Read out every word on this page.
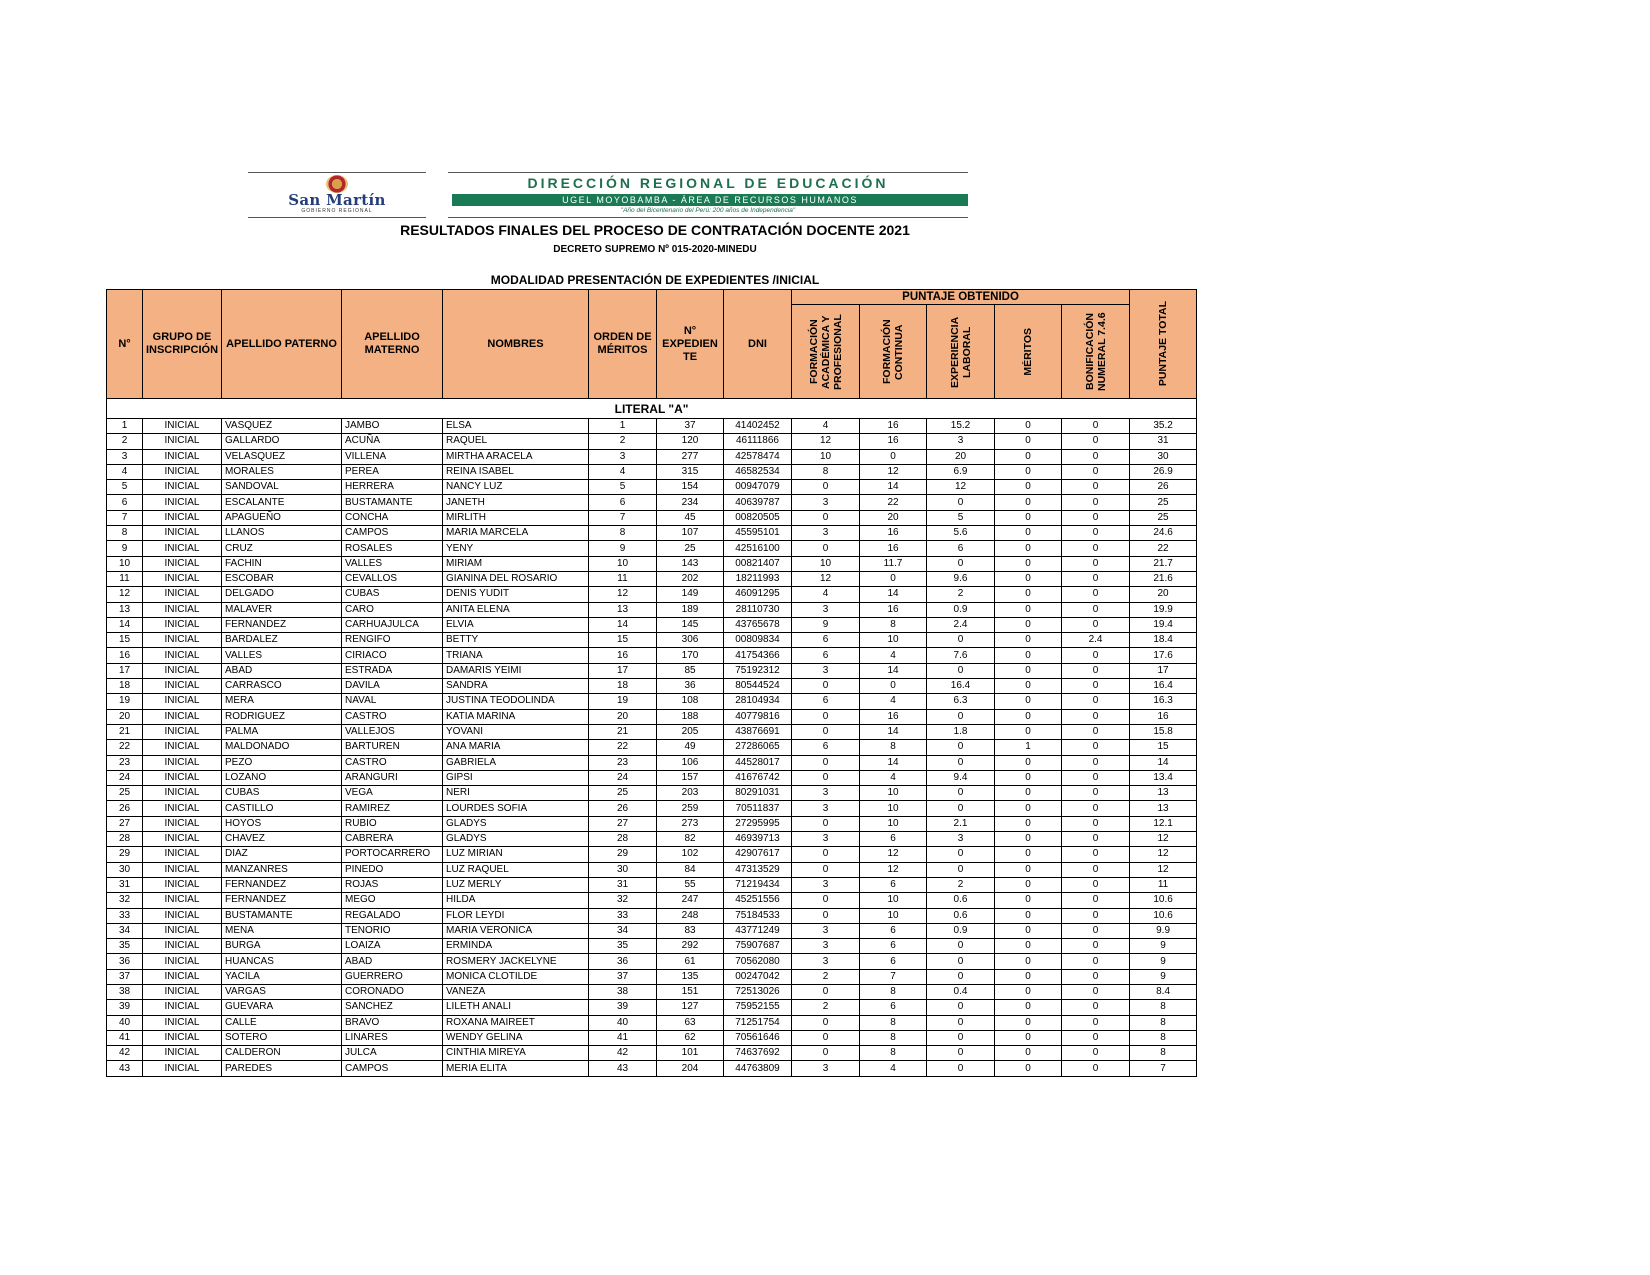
San Martín
GOBIERNO REGIONAL
DIRECCIÓN REGIONAL DE EDUCACIÓN
UGEL MOYOBAMBA - ÁREA DE RECURSOS HUMANOS
"Año del Bicentenario del Perú: 200 años de Independencia"
RESULTADOS FINALES DEL PROCESO DE CONTRATACIÓN DOCENTE 2021
DECRETO SUPREMO Nº 015-2020-MINEDU
MODALIDAD PRESENTACIÓN DE EXPEDIENTES /INICIAL
N°	GRUPO DE INSCRIPCIÓN	APELLIDO PATERNO	APELLIDO MATERNO	NOMBRES	ORDEN DE MÉRITOS	N° EXPEDIEN TE	DNI	PUNTAJE OBTENIDO					PUNTAJE TOTAL

								FORMACIÓN ACADÉMICA Y PROFESIONAL	FORMACIÓN CONTINUA	EXPERIENCIA LABORAL	MÉRITOS	BONIFICACIÓN NUMERAL 7.4.6	

LITERAL "A"													
1	INICIAL	VASQUEZ	JAMBO	ELSA	1	37	41402452	4	16	15.2	0	0	35.2
2	INICIAL	GALLARDO	ACUÑA	RAQUEL	2	120	46111866	12	16	3	0	0	31
3	INICIAL	VELASQUEZ	VILLENA	MIRTHA ARACELA	3	277	42578474	10	0	20	0	0	30
4	INICIAL	MORALES	PEREA	REINA ISABEL	4	315	46582534	8	12	6.9	0	0	26.9
5	INICIAL	SANDOVAL	HERRERA	NANCY LUZ	5	154	00947079	0	14	12	0	0	26
6	INICIAL	ESCALANTE	BUSTAMANTE	JANETH	6	234	40639787	3	22	0	0	0	25
7	INICIAL	APAGUEÑO	CONCHA	MIRLITH	7	45	00820505	0	20	5	0	0	25
8	INICIAL	LLANOS	CAMPOS	MARIA MARCELA	8	107	45595101	3	16	5.6	0	0	24.6
9	INICIAL	CRUZ	ROSALES	YENY	9	25	42516100	0	16	6	0	0	22
10	INICIAL	FACHIN	VALLES	MIRIAM	10	143	00821407	10	11.7	0	0	0	21.7
11	INICIAL	ESCOBAR	CEVALLOS	GIANINA DEL ROSARIO	11	202	18211993	12	0	9.6	0	0	21.6
12	INICIAL	DELGADO	CUBAS	DENIS YUDIT	12	149	46091295	4	14	2	0	0	20
13	INICIAL	MALAVER	CARO	ANITA ELENA	13	189	28110730	3	16	0.9	0	0	19.9
14	INICIAL	FERNANDEZ	CARHUAJULCA	ELVIA	14	145	43765678	9	8	2.4	0	0	19.4
15	INICIAL	BARDALEZ	RENGIFO	BETTY	15	306	00809834	6	10	0	0	2.4	18.4
16	INICIAL	VALLES	CIRIACO	TRIANA	16	170	41754366	6	4	7.6	0	0	17.6
17	INICIAL	ABAD	ESTRADA	DAMARIS YEIMI	17	85	75192312	3	14	0	0	0	17
18	INICIAL	CARRASCO	DAVILA	SANDRA	18	36	80544524	0	0	16.4	0	0	16.4
19	INICIAL	MERA	NAVAL	JUSTINA TEODOLINDA	19	108	28104934	6	4	6.3	0	0	16.3
20	INICIAL	RODRIGUEZ	CASTRO	KATIA MARINA	20	188	40779816	0	16	0	0	0	16
21	INICIAL	PALMA	VALLEJOS	YOVANI	21	205	43876691	0	14	1.8	0	0	15.8
22	INICIAL	MALDONADO	BARTUREN	ANA MARIA	22	49	27286065	6	8	0	1	0	15
23	INICIAL	PEZO	CASTRO	GABRIELA	23	106	44528017	0	14	0	0	0	14
24	INICIAL	LOZANO	ARANGURI	GIPSI	24	157	41676742	0	4	9.4	0	0	13.4
25	INICIAL	CUBAS	VEGA	NERI	25	203	80291031	3	10	0	0	0	13
26	INICIAL	CASTILLO	RAMIREZ	LOURDES SOFIA	26	259	70511837	3	10	0	0	0	13
27	INICIAL	HOYOS	RUBIO	GLADYS	27	273	27295995	0	10	2.1	0	0	12.1
28	INICIAL	CHAVEZ	CABRERA	GLADYS	28	82	46939713	3	6	3	0	0	12
29	INICIAL	DIAZ	PORTOCARRERO	LUZ MIRIAN	29	102	42907617	0	12	0	0	0	12
30	INICIAL	MANZANRES	PINEDO	LUZ RAQUEL	30	84	47313529	0	12	0	0	0	12
31	INICIAL	FERNANDEZ	ROJAS	LUZ MERLY	31	55	71219434	3	6	2	0	0	11
32	INICIAL	FERNANDEZ	MEGO	HILDA	32	247	45251556	0	10	0.6	0	0	10.6
33	INICIAL	BUSTAMANTE	REGALADO	FLOR LEYDI	33	248	75184533	0	10	0.6	0	0	10.6
34	INICIAL	MENA	TENORIO	MARIA VERONICA	34	83	43771249	3	6	0.9	0	0	9.9
35	INICIAL	BURGA	LOAIZA	ERMINDA	35	292	75907687	3	6	0	0	0	9
36	INICIAL	HUANCAS	ABAD	ROSMERY JACKELYNE	36	61	70562080	3	6	0	0	0	9
37	INICIAL	YACILA	GUERRERO	MONICA CLOTILDE	37	135	00247042	2	7	0	0	0	9
38	INICIAL	VARGAS	CORONADO	VANEZA	38	151	72513026	0	8	0.4	0	0	8.4
39	INICIAL	GUEVARA	SANCHEZ	LILETH ANALI	39	127	75952155	2	6	0	0	0	8
40	INICIAL	CALLE	BRAVO	ROXANA MAIREET	40	63	71251754	0	8	0	0	0	8
41	INICIAL	SOTERO	LINARES	WENDY GELINA	41	62	70561646	0	8	0	0	0	8
42	INICIAL	CALDERON	JULCA	CINTHIA MIREYA	42	101	74637692	0	8	0	0	0	8
43	INICIAL	PAREDES	CAMPOS	MERIA ELITA	43	204	44763809	3	4	0	0	0	7
